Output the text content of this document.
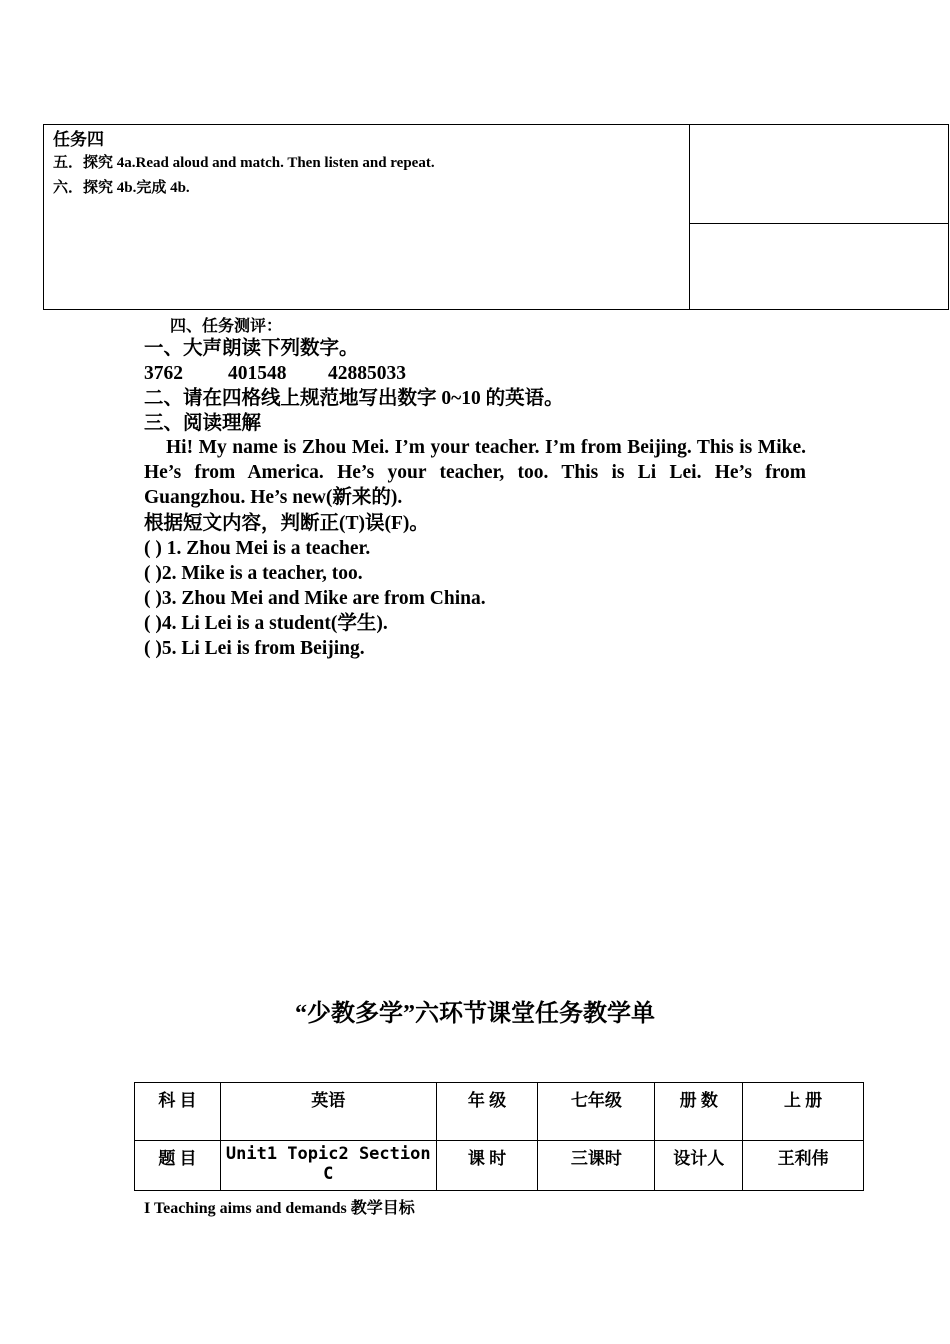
任务四

五．探究 4a.Read aloud and match. Then listen and repeat.

六．探究 4b.完成 4b.

四、任务测评：
一、大声朗读下列数字。
3762 401548 42885033
二、请在四格线上规范地写出数字 0~10 的英语。
三、阅读理解
Hi! My name is Zhou Mei. I’m your teacher. I’m from Beijing. This is Mike. He’s from America. He’s your teacher, too. This is Li Lei. He’s from Guangzhou. He’s new(新来的).
根据短文内容，判断正(T)误(F)。
( ) 1. Zhou Mei is a teacher.
( )2. Mike is a teacher, too.
( )3. Zhou Mei and Mike are from China.
( )4. Li Lei is a student(学生).
( )5. Li Lei is from Beijing.
“少教多学”六环节课堂任务教学单
科 目	英语	年 级	七年级	册 数	上 册
题 目	Unit1 Topic2 Section C	课 时	三课时	设计人	王利伟
I Teaching aims and demands 教学目标
